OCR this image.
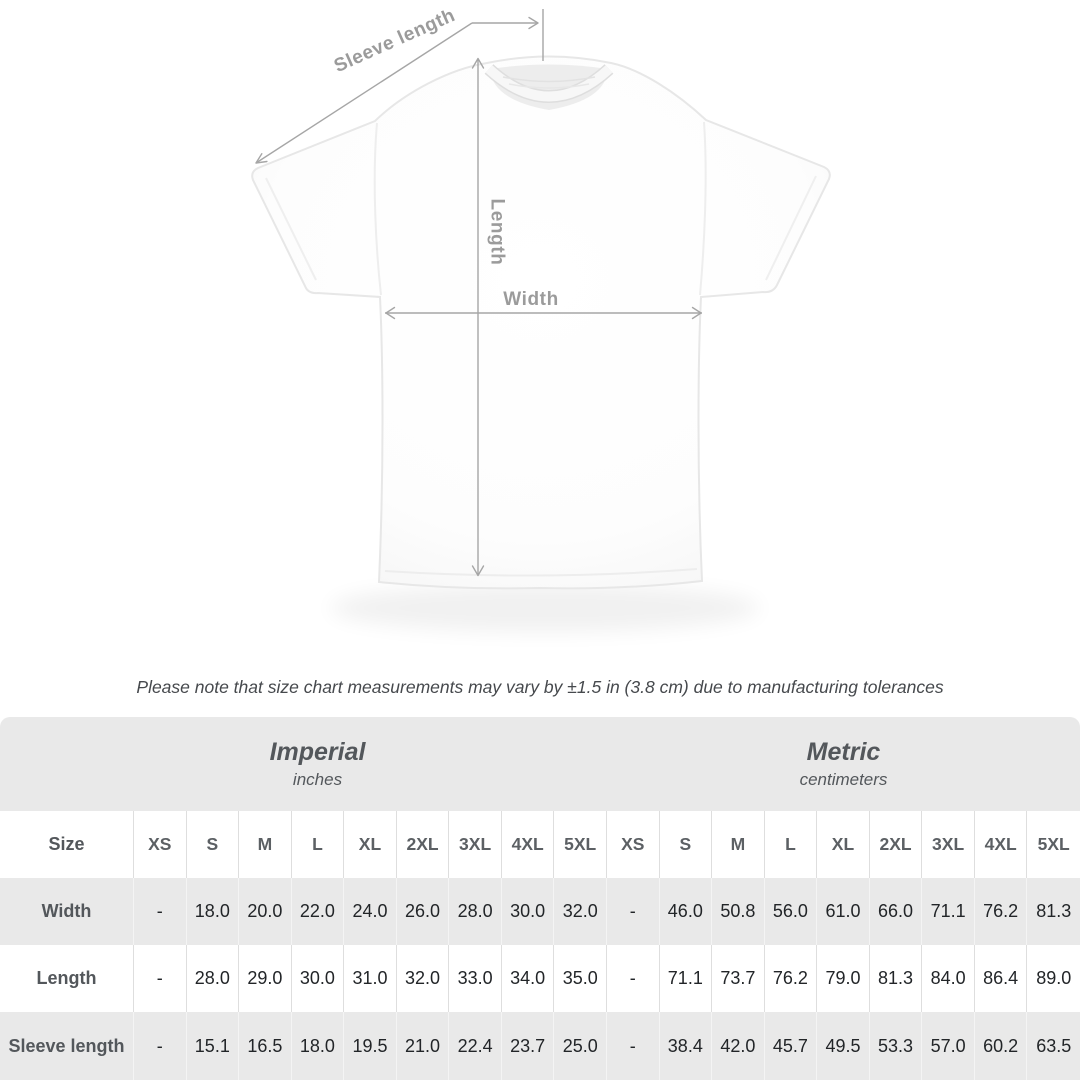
Sleeve length
Length
Width

Please note that size chart measurements may vary by ±1.5 in (3.8 cm) due to manufacturing tolerances

Imperial
inches
Metric
centimeters
Size	XS	S	M	L	XL	2XL	3XL	4XL	5XL	XS	S	M	L	XL	2XL	3XL	4XL	5XL
Width	-	18.0 20.0 22.0 24.0 26.0 28.0 30.0 32.0	-	46.0 50.8 56.0 61.0 66.0 71.1 76.2	81.3
Length	-	28.0 29.0 30.0 31.0 32.0 33.0 34.0 35.0	-	71.1 73.7 76.2 79.0 81.3 84.0 86.4	89.0
Sleeve length	-	15.1 16.5 18.0 19.5 21.0 22.4 23.7 25.0	-	38.4 42.0 45.7 49.5 53.3 57.0 60.2	63.5
